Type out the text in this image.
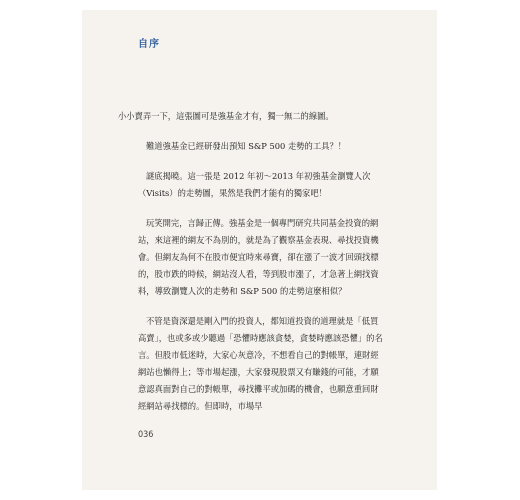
自序

小小賣弄一下，這張圖可是強基金才有，獨一無二的線圖。

難道強基金已經研發出預知 S&P 500 走勢的工具？！

謎底揭曉。這一張是 2012 年初～2013 年初強基金瀏覽人次（Visits）的走勢圖，果然是我們才能有的獨家吧！

玩笑開完，言歸正傳。強基金是一個專門研究共同基金投資的網站，來這裡的網友不為別的，就是為了觀察基金表現、尋找投資機會。但網友為何不在股市便宜時來尋寶，卻在漲了一波才回頭找標的，股市跌的時候，網站沒人看，等到股市漲了，才急著上網找資料，導致瀏覽人次的走勢和 S&P 500 的走勢這麼相似？

不管是資深還是剛入門的投資人，都知道投資的道理就是「低買高賣」，也或多或少聽過「恐懼時應該貪婪，貪婪時應該恐懼」的名言。但股市低迷時，大家心灰意冷，不想看自己的對帳單，連財經網站也懶得上；等市場起漲，大家發現股票又有賺錢的可能，才願意認真面對自己的對帳單，尋找攤平或加碼的機會，也願意重回財經網站尋找標的。但即時，市場早

036
